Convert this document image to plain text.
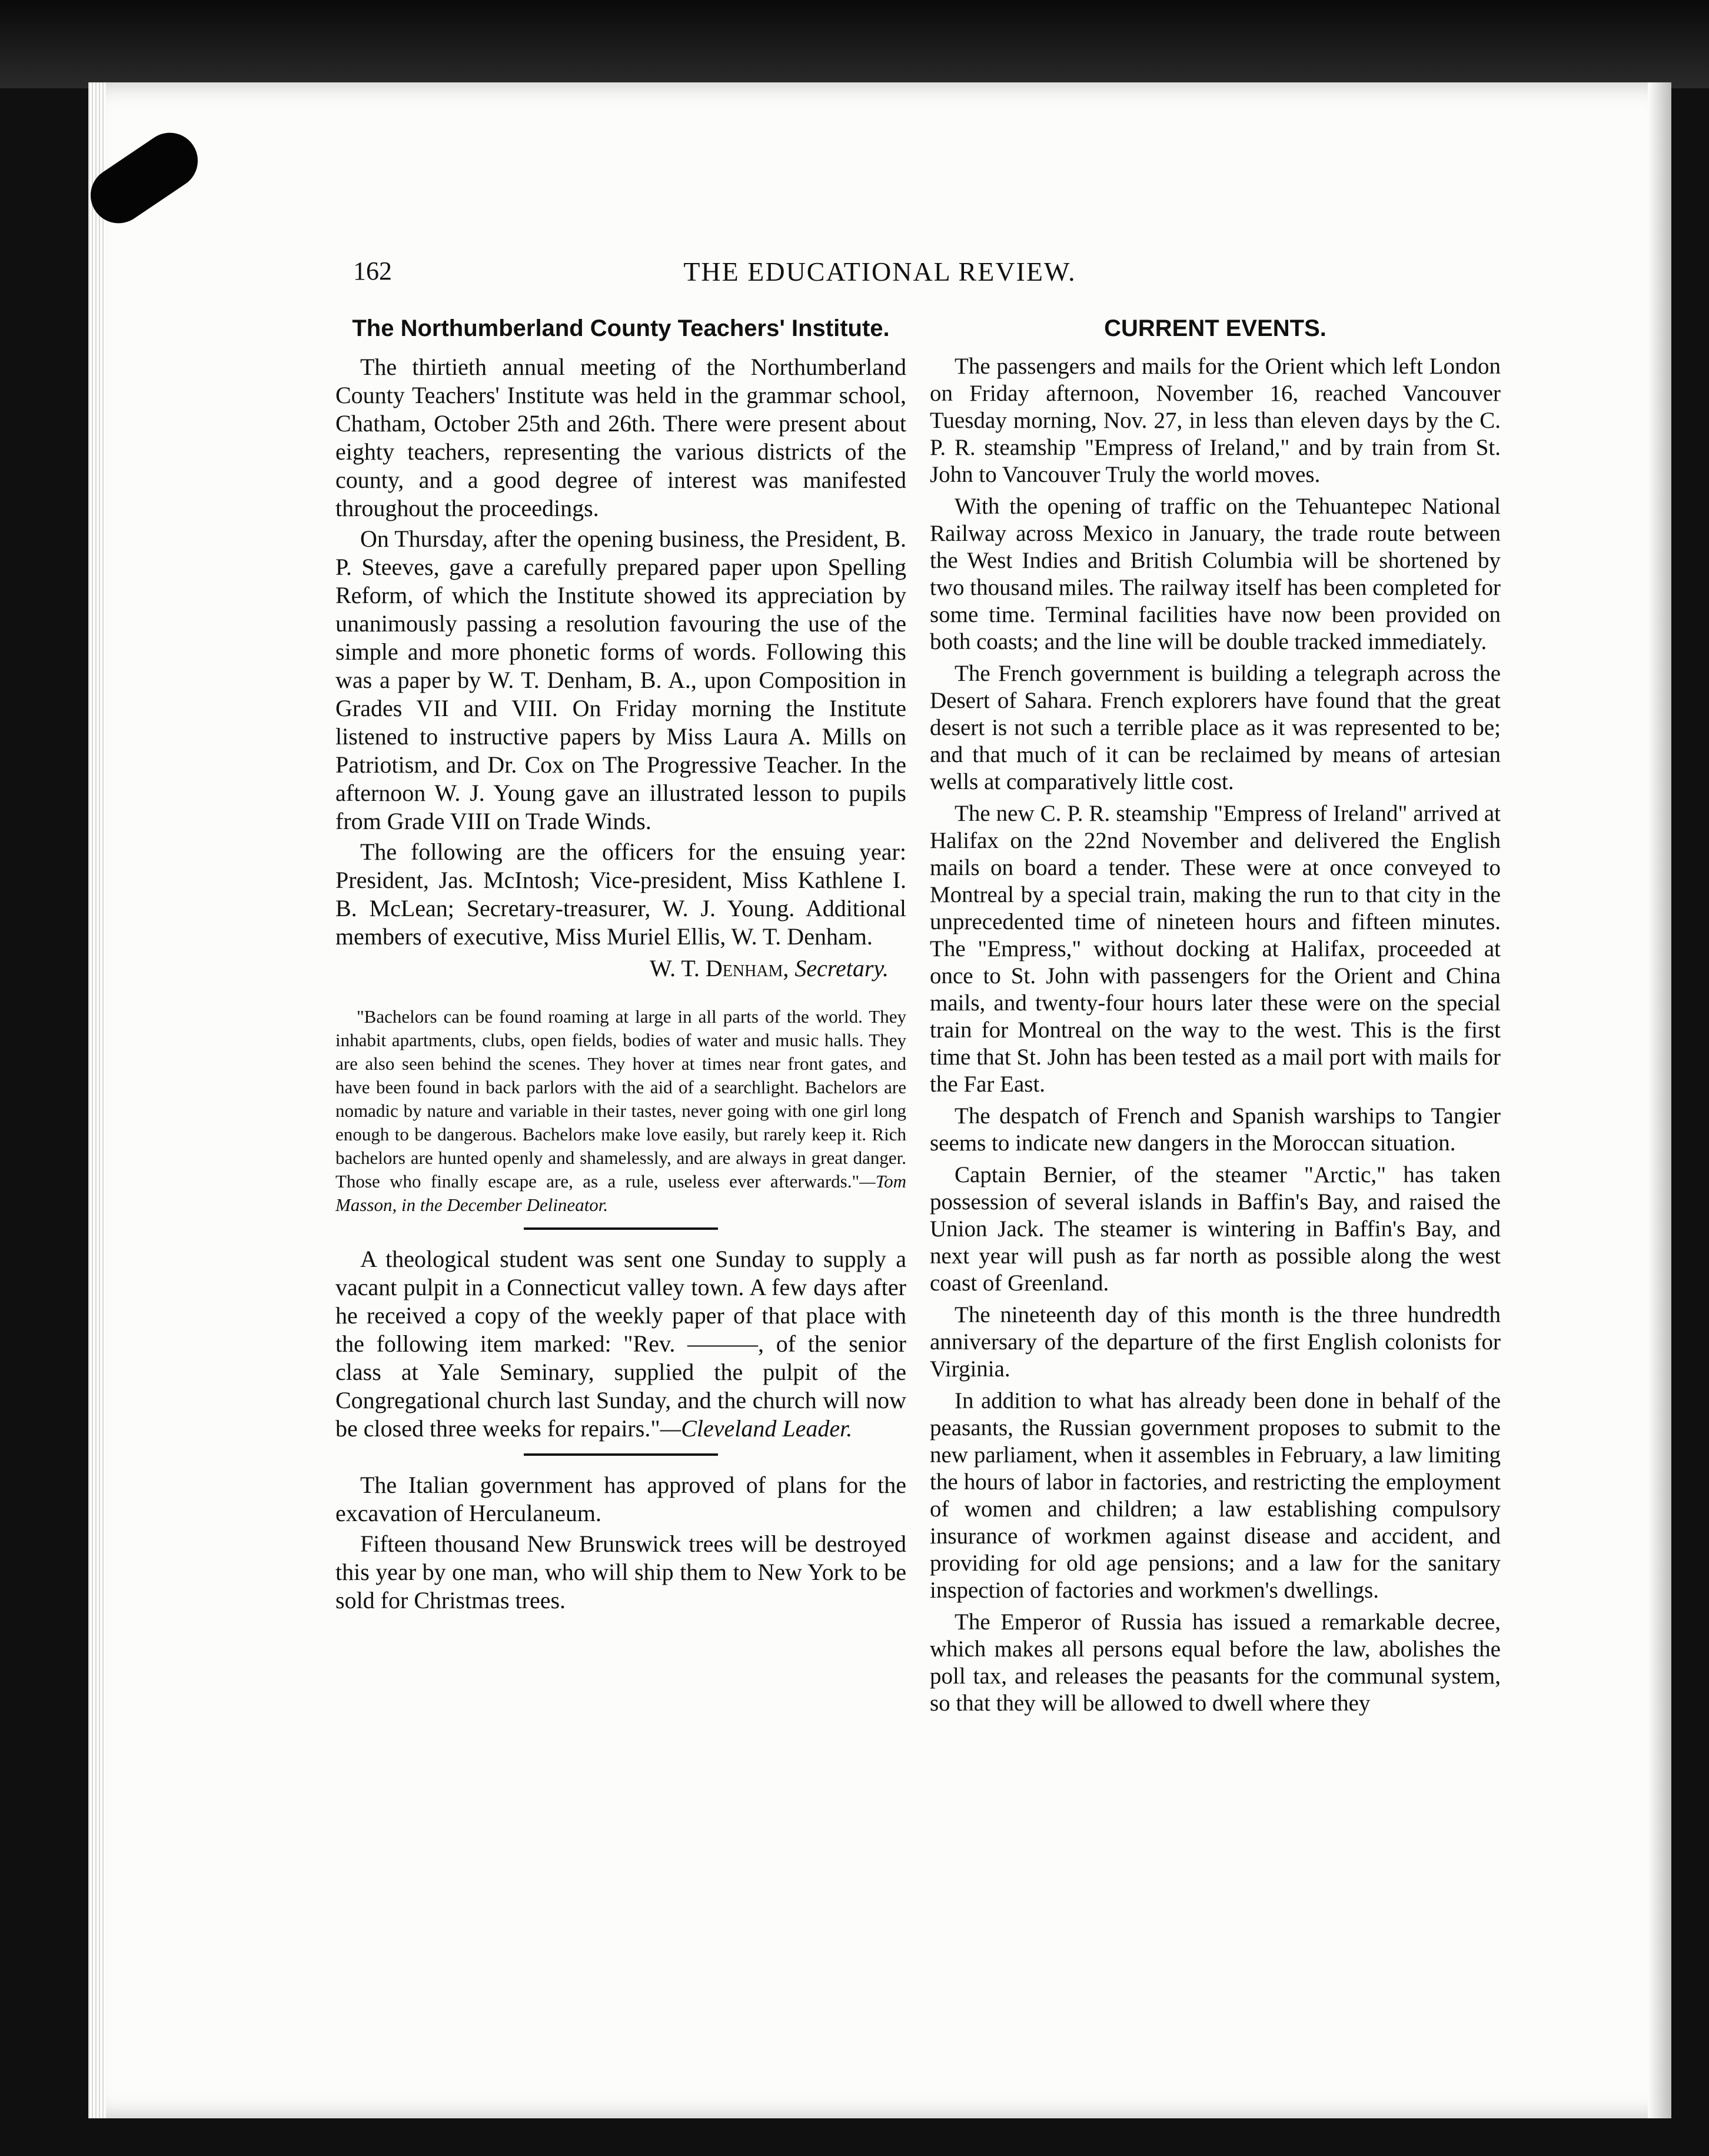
162	THE EDUCATIONAL REVIEW.
The Northumberland County Teachers' Institute.

The thirtieth annual meeting of the Northumberland County Teachers' Institute was held in the grammar school, Chatham, October 25th and 26th. There were present about eighty teachers, representing the various districts of the county, and a good degree of interest was manifested throughout the proceedings.

On Thursday, after the opening business, the President, B. P. Steeves, gave a carefully prepared paper upon Spelling Reform, of which the Institute showed its appreciation by unanimously passing a resolution favouring the use of the simple and more phonetic forms of words. Following this was a paper by W. T. Denham, B. A., upon Composition in Grades VII and VIII. On Friday morning the Institute listened to instructive papers by Miss Laura A. Mills on Patriotism, and Dr. Cox on The Progressive Teacher. In the afternoon W. J. Young gave an illustrated lesson to pupils from Grade VIII on Trade Winds.

The following are the officers for the ensuing year: President, Jas. McIntosh; Vice-president, Miss Kathlene I. B. McLean; Secretary-treasurer, W. J. Young. Additional members of executive, Miss Muriel Ellis, W. T. Denham.

W. T. Denham, Secretary.

"Bachelors can be found roaming at large in all parts of the world. They inhabit apartments, clubs, open fields, bodies of water and music halls. They are also seen behind the scenes. They hover at times near front gates, and have been found in back parlors with the aid of a searchlight. Bachelors are nomadic by nature and variable in their tastes, never going with one girl long enough to be dangerous. Bachelors make love easily, but rarely keep it. Rich bachelors are hunted openly and shamelessly, and are always in great danger. Those who finally escape are, as a rule, useless ever afterwards."—Tom Masson, in the December Delineator.

A theological student was sent one Sunday to supply a vacant pulpit in a Connecticut valley town. A few days after he received a copy of the weekly paper of that place with the following item marked: "Rev. ———, of the senior class at Yale Seminary, supplied the pulpit of the Congregational church last Sunday, and the church will now be closed three weeks for repairs."—Cleveland Leader.

The Italian government has approved of plans for the excavation of Herculaneum.

Fifteen thousand New Brunswick trees will be destroyed this year by one man, who will ship them to New York to be sold for Christmas trees.

CURRENT EVENTS.

The passengers and mails for the Orient which left London on Friday afternoon, November 16, reached Vancouver Tuesday morning, Nov. 27, in less than eleven days by the C. P. R. steamship "Empress of Ireland," and by train from St. John to Vancouver Truly the world moves.

With the opening of traffic on the Tehuantepec National Railway across Mexico in January, the trade route between the West Indies and British Columbia will be shortened by two thousand miles. The railway itself has been completed for some time. Terminal facilities have now been provided on both coasts; and the line will be double tracked immediately.

The French government is building a telegraph across the Desert of Sahara. French explorers have found that the great desert is not such a terrible place as it was represented to be; and that much of it can be reclaimed by means of artesian wells at comparatively little cost.

The new C. P. R. steamship "Empress of Ireland" arrived at Halifax on the 22nd November and delivered the English mails on board a tender. These were at once conveyed to Montreal by a special train, making the run to that city in the unprecedented time of nineteen hours and fifteen minutes. The "Empress," without docking at Halifax, proceeded at once to St. John with passengers for the Orient and China mails, and twenty-four hours later these were on the special train for Montreal on the way to the west. This is the first time that St. John has been tested as a mail port with mails for the Far East.

The despatch of French and Spanish warships to Tangier seems to indicate new dangers in the Moroccan situation.

Captain Bernier, of the steamer "Arctic," has taken possession of several islands in Baffin's Bay, and raised the Union Jack. The steamer is wintering in Baffin's Bay, and next year will push as far north as possible along the west coast of Greenland.

The nineteenth day of this month is the three hundredth anniversary of the departure of the first English colonists for Virginia.

In addition to what has already been done in behalf of the peasants, the Russian government proposes to submit to the new parliament, when it assembles in February, a law limiting the hours of labor in factories, and restricting the employment of women and children; a law establishing compulsory insurance of workmen against disease and accident, and providing for old age pensions; and a law for the sanitary inspection of factories and workmen's dwellings.

The Emperor of Russia has issued a remarkable decree, which makes all persons equal before the law, abolishes the poll tax, and releases the peasants for the communal system, so that they will be allowed to dwell where they
